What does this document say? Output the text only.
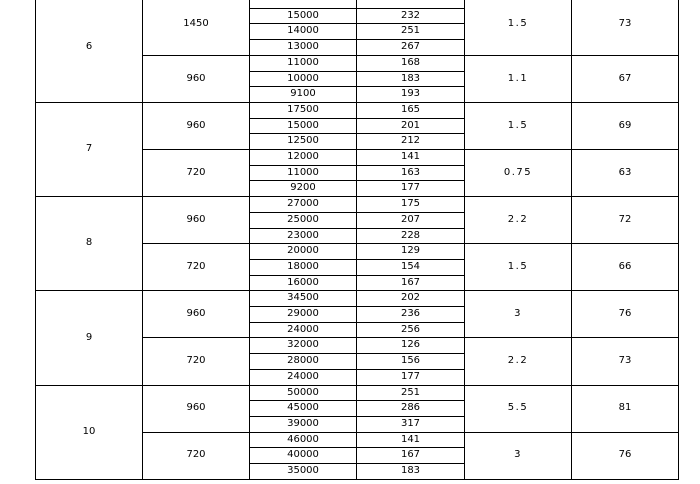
6	1450			1.5	73
		15000	232		
		14000	251		
		13000	267		
	960	11000	168	1.1	67
		10000	183		
		9100	193		
7	960	17500	165	1.5	69
		15000	201		
		12500	212		
	720	12000	141	0.75	63
		11000	163		
		9200	177		
8	960	27000	175	2.2	72
		25000	207		
		23000	228		
	720	20000	129	1.5	66
		18000	154		
		16000	167		
9	960	34500	202	3	76
		29000	236		
		24000	256		
	720	32000	126	2.2	73
		28000	156		
		24000	177		
10	960	50000	251	5.5	81
		45000	286		
		39000	317		
	720	46000	141	3	76
		40000	167		
		35000	183		
